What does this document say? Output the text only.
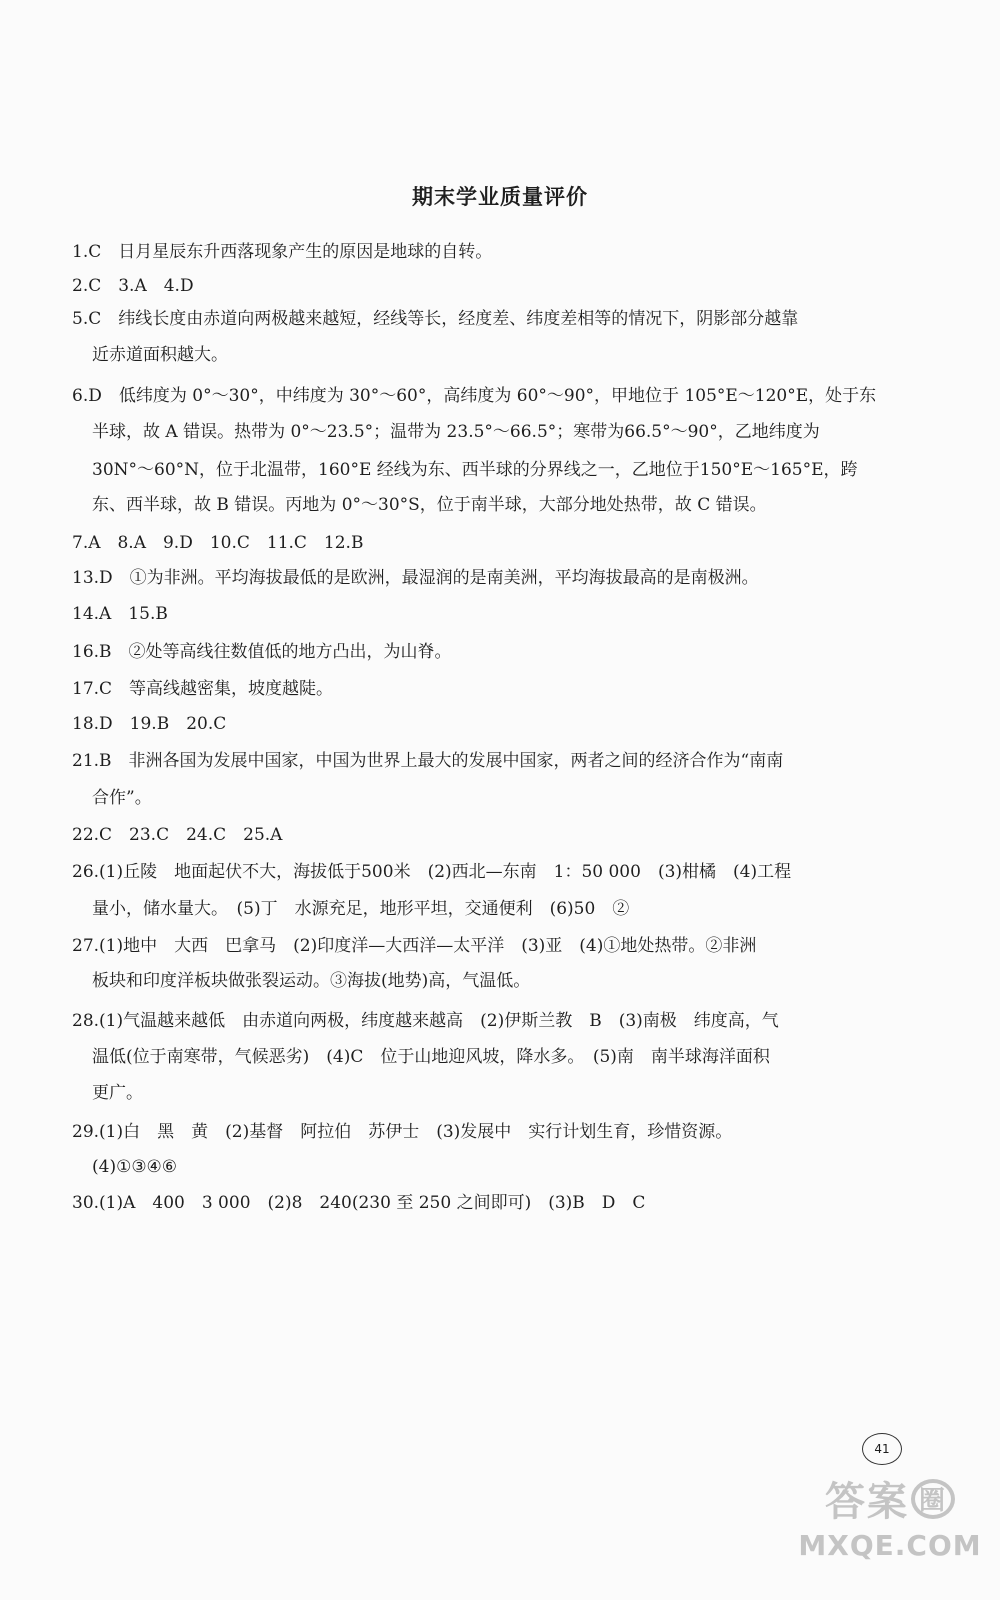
期末学业质量评价
1.C　日月星辰东升西落现象产生的原因是地球的自转。
2.C　3.A　4.D
5.C　纬线长度由赤道向两极越来越短，经线等长，经度差、纬度差相等的情况下，阴影部分越靠
近赤道面积越大。
6.D　低纬度为 0°～30°，中纬度为 30°～60°，高纬度为 60°～90°，甲地位于 105°E～120°E，处于东
半球，故 A 错误。热带为 0°～23.5°；温带为 23.5°～66.5°；寒带为66.5°～90°，乙地纬度为
30N°～60°N，位于北温带，160°E 经线为东、西半球的分界线之一，乙地位于150°E～165°E，跨
东、西半球，故 B 错误。丙地为 0°～30°S，位于南半球，大部分地处热带，故 C 错误。
7.A　8.A　9.D　10.C　11.C　12.B
13.D　①为非洲。平均海拔最低的是欧洲，最湿润的是南美洲，平均海拔最高的是南极洲。
14.A　15.B
16.B　②处等高线往数值低的地方凸出，为山脊。
17.C　等高线越密集，坡度越陡。
18.D　19.B　20.C
21.B　非洲各国为发展中国家，中国为世界上最大的发展中国家，两者之间的经济合作为“南南
合作”。
22.C　23.C　24.C　25.A
26.(1)丘陵　地面起伏不大，海拔低于500米　(2)西北—东南　1：50 000　(3)柑橘　(4)工程
量小，储水量大。　(5)丁　水源充足，地形平坦，交通便利　(6)50　②
27.(1)地中　大西　巴拿马　(2)印度洋—大西洋—太平洋　(3)亚　(4)①地处热带。②非洲
板块和印度洋板块做张裂运动。③海拔(地势)高，气温低。
28.(1)气温越来越低　由赤道向两极，纬度越来越高　(2)伊斯兰教　B　(3)南极　纬度高，气
温低(位于南寒带，气候恶劣)　(4)C　位于山地迎风坡，降水多。　(5)南　南半球海洋面积
更广。
29.(1)白　黑　黄　(2)基督　阿拉伯　苏伊士　(3)发展中　实行计划生育，珍惜资源。
(4)①③④⑥
30.(1)A　400　3 000　(2)8　240(230 至 250 之间即可)　(3)B　D　C
41
答案 圈
MXQE.COM
